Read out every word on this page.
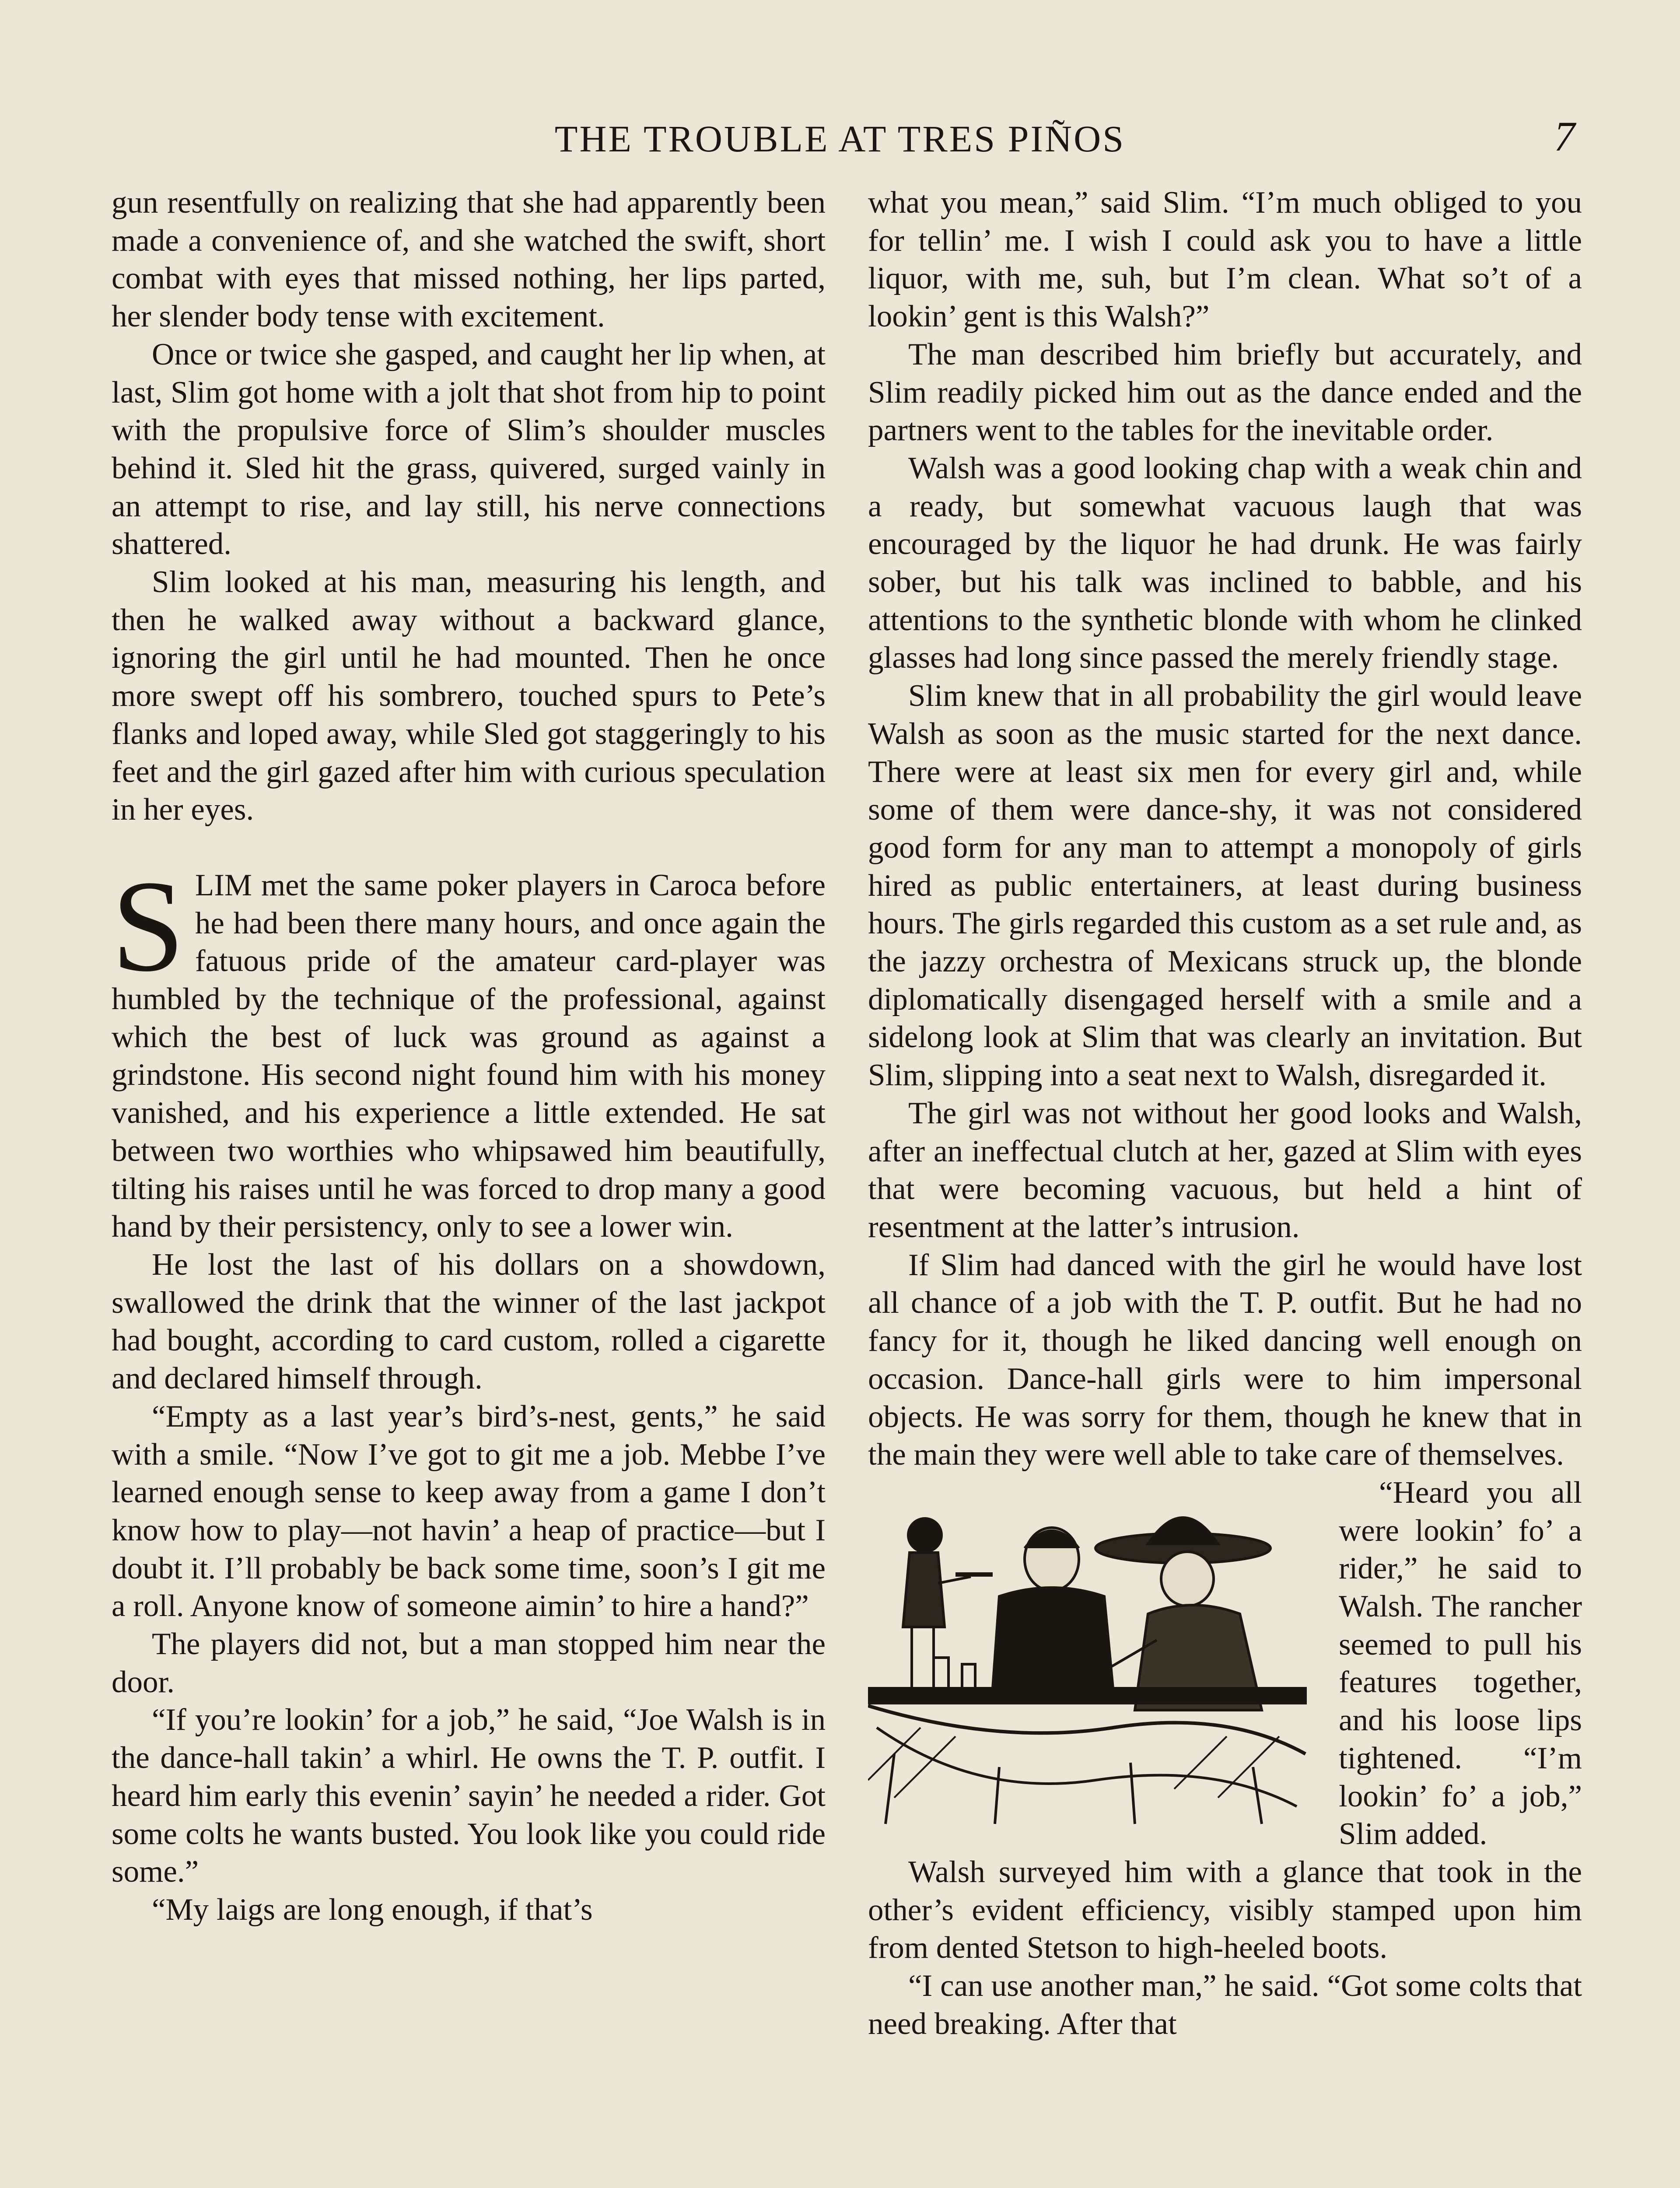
THE TROUBLE AT TRES PIÑOS	7

gun resentfully on realizing that she had apparently been made a convenience of, and she watched the swift, short combat with eyes that missed nothing, her lips parted, her slender body tense with excitement.

Once or twice she gasped, and caught her lip when, at last, Slim got home with a jolt that shot from hip to point with the propulsive force of Slim’s shoulder muscles behind it. Sled hit the grass, quivered, surged vainly in an attempt to rise, and lay still, his nerve connections shattered.

Slim looked at his man, measuring his length, and then he walked away without a backward glance, ignoring the girl until he had mounted. Then he once more swept off his sombrero, touched spurs to Pete’s flanks and loped away, while Sled got staggeringly to his feet and the girl gazed after him with curious speculation in her eyes.

S LIM met the same poker players in Caroca before he had been there many hours, and once again the fatuous pride of the amateur card-player was humbled by the technique of the professional, against which the best of luck was ground as against a grindstone. His second night found him with his money vanished, and his experience a little extended. He sat between two worthies who whipsawed him beautifully, tilting his raises until he was forced to drop many a good hand by their persistency, only to see a lower win.

He lost the last of his dollars on a showdown, swallowed the drink that the winner of the last jackpot had bought, according to card custom, rolled a cigarette and declared himself through.

“Empty as a last year’s bird’s-nest, gents,” he said with a smile. “Now I’ve got to git me a job. Mebbe I’ve learned enough sense to keep away from a game I don’t know how to play—not havin’ a heap of practice—but I doubt it. I’ll probably be back some time, soon’s I git me a roll. Anyone know of someone aimin’ to hire a hand?”

The players did not, but a man stopped him near the door.

“If you’re lookin’ for a job,” he said, “Joe Walsh is in the dance-hall takin’ a whirl. He owns the T. P. outfit. I heard him early this evenin’ sayin’ he needed a rider. Got some colts he wants busted. You look like you could ride some.”

“My laigs are long enough, if that’s

what you mean,” said Slim. “I’m much obliged to you for tellin’ me. I wish I could ask you to have a little liquor, with me, suh, but I’m clean. What so’t of a lookin’ gent is this Walsh?”

The man described him briefly but accurately, and Slim readily picked him out as the dance ended and the partners went to the tables for the inevitable order.

Walsh was a good looking chap with a weak chin and a ready, but somewhat vacuous laugh that was encouraged by the liquor he had drunk. He was fairly sober, but his talk was inclined to babble, and his attentions to the synthetic blonde with whom he clinked glasses had long since passed the merely friendly stage.

Slim knew that in all probability the girl would leave Walsh as soon as the music started for the next dance. There were at least six men for every girl and, while some of them were dance-shy, it was not considered good form for any man to attempt a monopoly of girls hired as public entertainers, at least during business hours. The girls regarded this custom as a set rule and, as the jazzy orchestra of Mexicans struck up, the blonde diplomatically disengaged herself with a smile and a sidelong look at Slim that was clearly an invitation. But Slim, slipping into a seat next to Walsh, disregarded it.

The girl was not without her good looks and Walsh, after an ineffectual clutch at her, gazed at Slim with eyes that were becoming vacuous, but held a hint of resentment at the latter’s intrusion.

If Slim had danced with the girl he would have lost all chance of a job with the T. P. outfit. But he had no fancy for it, though he liked dancing well enough on occasion. Dance-hall girls were to him impersonal objects. He was sorry for them, though he knew that in the main they were well able to take care of themselves.

“Heard you all were lookin’ fo’ a rider,” he said to Walsh. The rancher seemed to pull his features together, and his loose lips tightened. “I’m lookin’ fo’ a job,” Slim added.

Walsh surveyed him with a glance that took in the other’s evident efficiency, visibly stamped upon him from dented Stetson to high-heeled boots.

“I can use another man,” he said. “Got some colts that need breaking. After that
